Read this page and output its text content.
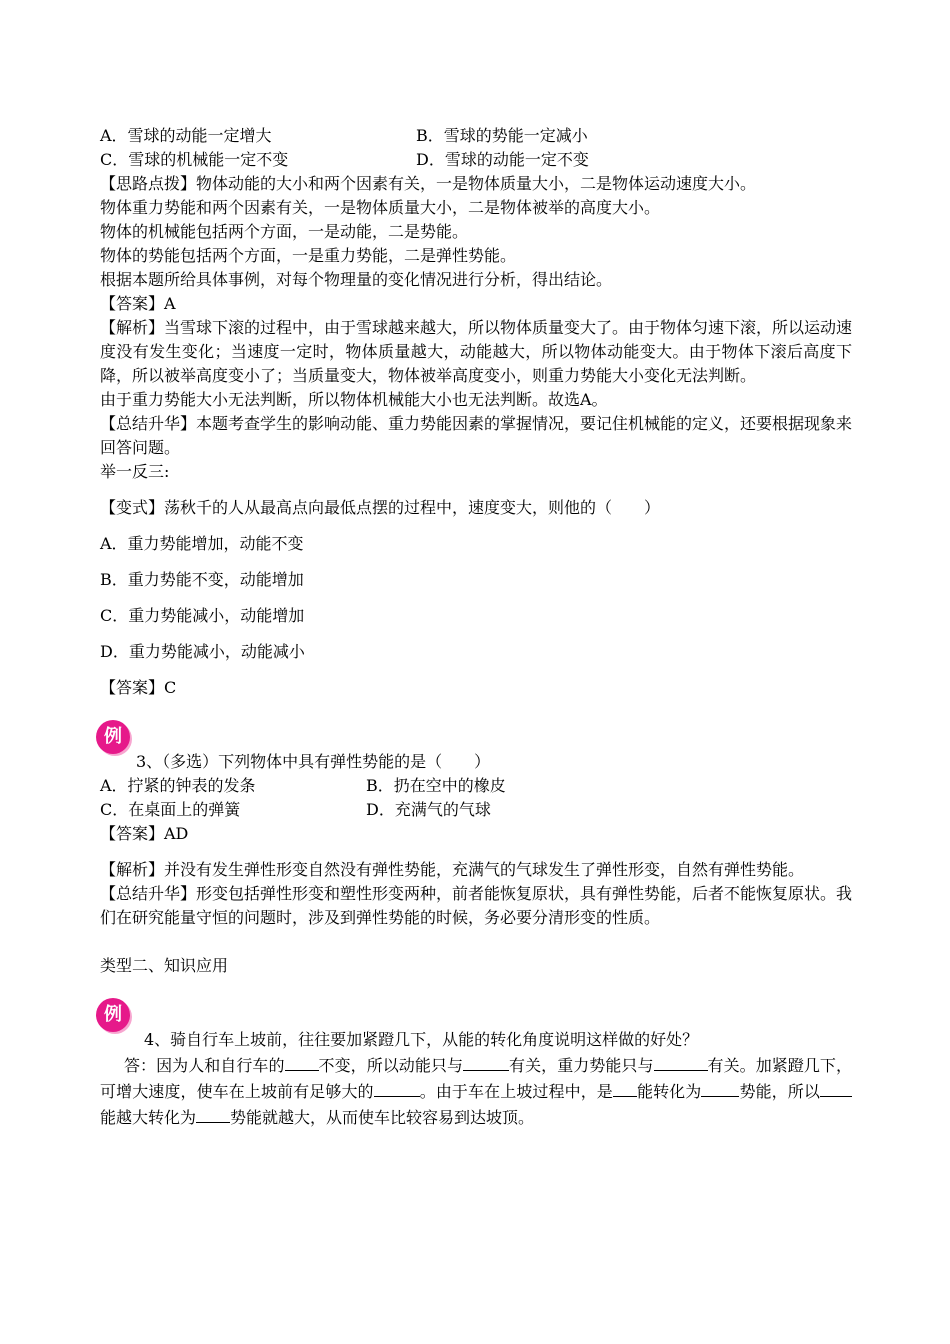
A．雪球的动能一定增大	B．雪球的势能一定减小
C．雪球的机械能一定不变	D．雪球的动能一定不变
【思路点拨】物体动能的大小和两个因素有关，一是物体质量大小，二是物体运动速度大小。
物体重力势能和两个因素有关，一是物体质量大小，二是物体被举的高度大小。
物体的机械能包括两个方面，一是动能，二是势能。
物体的势能包括两个方面，一是重力势能，二是弹性势能。
根据本题所给具体事例，对每个物理量的变化情况进行分析，得出结论。
【答案】A
【解析】当雪球下滚的过程中，由于雪球越来越大，所以物体质量变大了。由于物体匀速下滚，所以运动速度没有发生变化；当速度一定时，物体质量越大，动能越大，所以物体动能变大。由于物体下滚后高度下降，所以被举高度变小了；当质量变大，物体被举高度变小，则重力势能大小变化无法判断。
由于重力势能大小无法判断，所以物体机械能大小也无法判断。故选A。
【总结升华】本题考查学生的影响动能、重力势能因素的掌握情况，要记住机械能的定义，还要根据现象来回答问题。
举一反三:
【变式】荡秋千的人从最高点向最低点摆的过程中，速度变大，则他的（　　）
A．重力势能增加，动能不变
B．重力势能不变，动能增加
C．重力势能减小，动能增加
D．重力势能减小，动能减小
【答案】C
例
3、（多选）下列物体中具有弹性势能的是（　　）
A．拧紧的钟表的发条	B．扔在空中的橡皮
C．在桌面上的弹簧	D．充满气的气球
【答案】AD
【解析】并没有发生弹性形变自然没有弹性势能，充满气的气球发生了弹性形变，自然有弹性势能。
【总结升华】形变包括弹性形变和塑性形变两种，前者能恢复原状，具有弹性势能，后者不能恢复原状。我们在研究能量守恒的问题时，涉及到弹性势能的时候，务必要分清形变的性质。
类型二、知识应用
例
4、骑自行车上坡前，往往要加紧蹬几下，从能的转化角度说明这样做的好处？
答：因为人和自行车的 不变，所以动能只与	有关，重力势能只与	有关。加紧蹬几下，可增大速度，使车在上坡前有足够大的	。由于车在上坡过程中，是 能转化为 势能，所以能越大转化为 势能就越大，从而使车比较容易到达坡顶。
